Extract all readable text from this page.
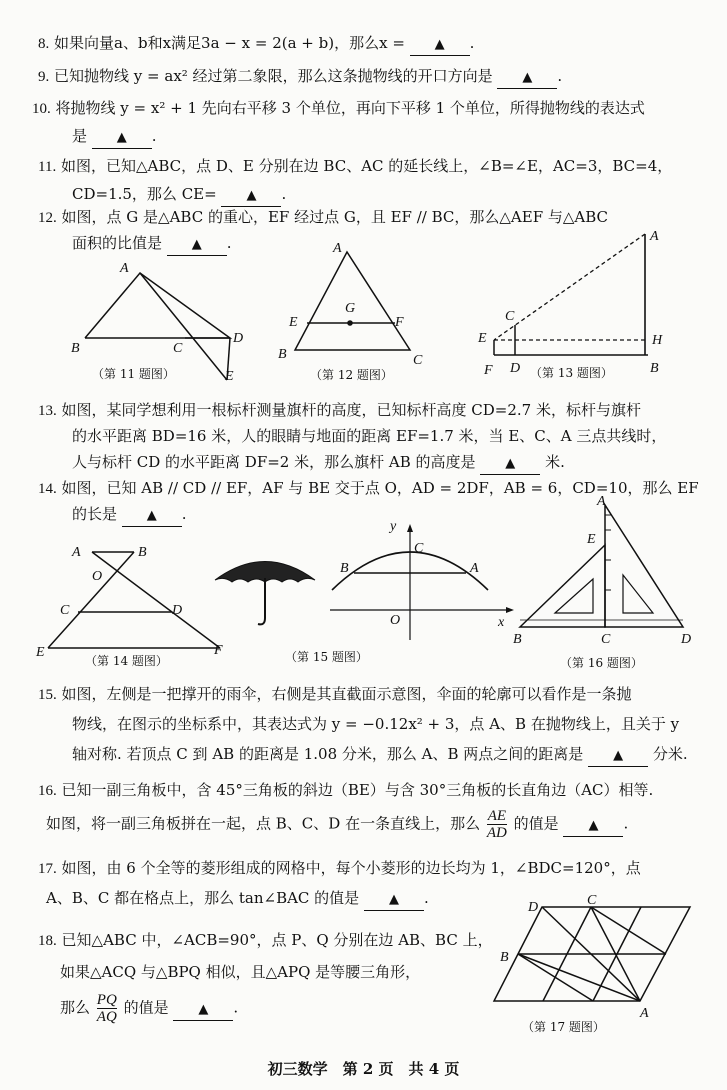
8. 如果向量a、b和x满足3a − x = 2(a + b)，那么x = ▲ .
9. 已知抛物线 y = ax² 经过第二象限，那么这条抛物线的开口方向是 ▲ .
10. 将抛物线 y = x² + 1 先向右平移 3 个单位，再向下平移 1 个单位，所得抛物线的表达式
是 ▲ .
11. 如图，已知△ABC，点 D、E 分别在边 BC、AC 的延长线上，∠B=∠E，AC=3，BC=4，
CD=1.5，那么 CE= ▲ .
12. 如图，点 G 是△ABC 的重心，EF 经过点 G，且 EF // BC，那么△AEF 与△ABC
面积的比值是 ▲ .
A
B	C
D
E
（第 11 题图）
A
B	C
E	F
G
（第 12 题图）
A
B
C
D
E
F
H
（第 13 题图）
13. 如图，某同学想利用一根标杆测量旗杆的高度，已知标杆高度 CD=2.7 米，标杆与旗杆
的水平距离 BD=16 米，人的眼睛与地面的距离 EF=1.7 米，当 E、C、A 三点共线时，
人与标杆 CD 的水平距离 DF=2 米，那么旗杆 AB 的高度是 ▲ 米.
14. 如图，已知 AB // CD // EF，AF 与 BE 交于点 O，AD = 2DF，AB = 6，CD=10，那么 EF
的长是 ▲ .
A	B
O
C	D
E	F
（第 14 题图）
y
x
O
B	A
C
（第 15 题图）
A
E
B	C	D
（第 16 题图）
15. 如图，左侧是一把撑开的雨伞，右侧是其直截面示意图，伞面的轮廓可以看作是一条抛
物线，在图示的坐标系中，其表达式为 y = −0.12x² + 3，点 A、B 在抛物线上，且关于 y
轴对称. 若顶点 C 到 AB 的距离是 1.08 分米，那么 A、B 两点之间的距离是 ▲ 分米.
16. 已知一副三角板中，含 45°三角板的斜边（BE）与含 30°三角板的长直角边（AC）相等.
如图，将一副三角板拼在一起，点 B、C、D 在一条直线上，那么 $\frac{AE}{AD}$ 的值是 ▲ .
17. 如图，由 6 个全等的菱形组成的网格中，每个小菱形的边长均为 1，∠BDC=120°，点
A、B、C 都在格点上，那么 tan∠BAC 的值是 ▲ .
18. 已知△ABC 中，∠ACB=90°，点 P、Q 分别在边 AB、BC 上，
如果△ACQ 与△BPQ 相似，且△APQ 是等腰三角形，
那么 $\frac{PQ}{AQ}$ 的值是 ▲ .
D	C
B
A
（第 17 题图）
初三数学　第 2 页　共 4 页
